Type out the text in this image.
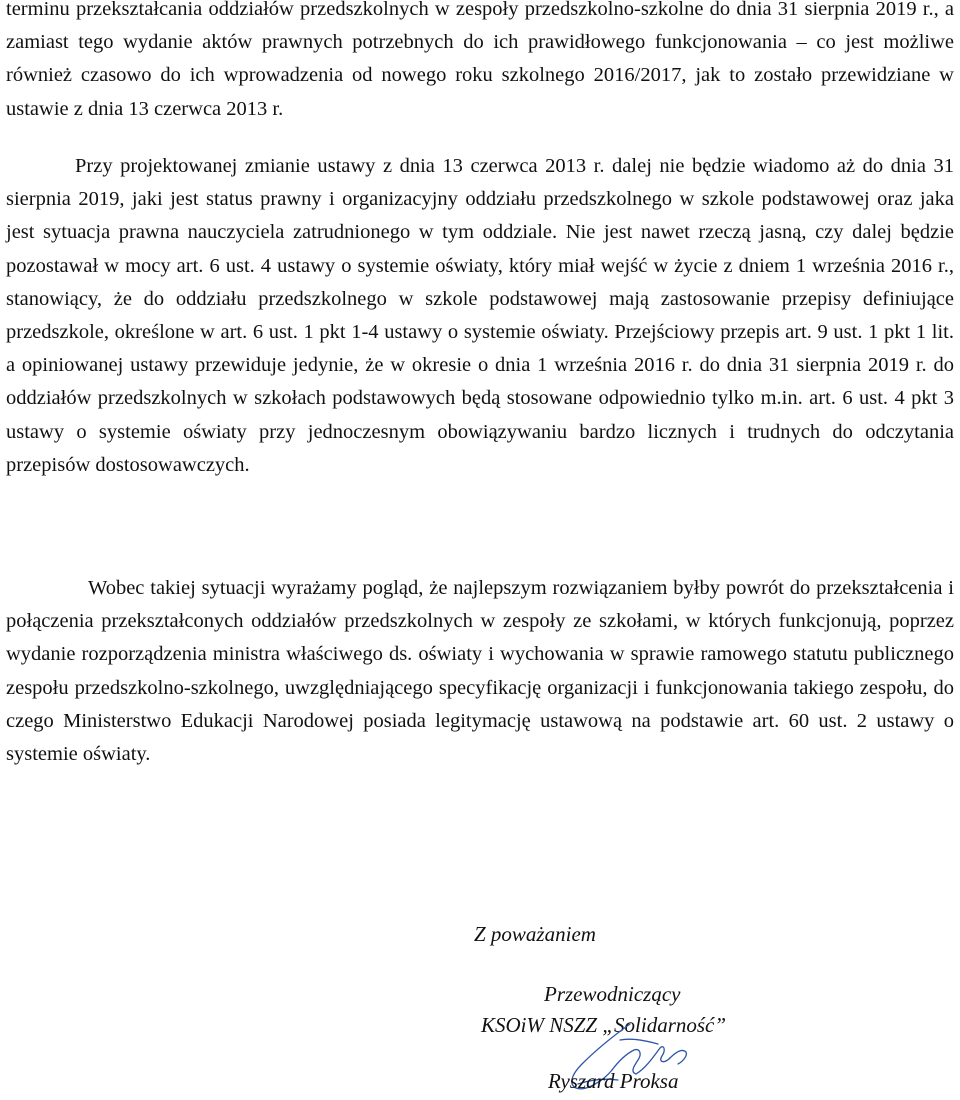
terminu przekształcania oddziałów przedszkolnych w zespoły przedszkolno-szkolne do dnia 31 sierpnia 2019 r., a zamiast tego wydanie aktów prawnych potrzebnych do ich prawidłowego funkcjonowania – co jest możliwe również czasowo do ich wprowadzenia od nowego roku szkolnego 2016/2017, jak to zostało przewidziane w ustawie z dnia 13 czerwca 2013 r.

Przy projektowanej zmianie ustawy z dnia 13 czerwca 2013 r. dalej nie będzie wiadomo aż do dnia 31 sierpnia 2019, jaki jest status prawny i organizacyjny oddziału przedszkolnego w szkole podstawowej oraz jaka jest sytuacja prawna nauczyciela zatrudnionego w tym oddziale. Nie jest nawet rzeczą jasną, czy dalej będzie pozostawał w mocy art. 6 ust. 4 ustawy o systemie oświaty, który miał wejść w życie z dniem 1 września 2016 r., stanowiący, że do oddziału przedszkolnego w szkole podstawowej mają zastosowanie przepisy definiujące przedszkole, określone w art. 6 ust. 1 pkt 1-4 ustawy o systemie oświaty. Przejściowy przepis art. 9 ust. 1 pkt 1 lit. a opiniowanej ustawy przewiduje jedynie, że w okresie o dnia 1 września 2016 r. do dnia 31 sierpnia 2019 r. do oddziałów przedszkolnych w szkołach podstawowych będą stosowane odpowiednio tylko m.in. art. 6 ust. 4 pkt 3 ustawy o systemie oświaty przy jednoczesnym obowiązywaniu bardzo licznych i trudnych do odczytania przepisów dostosowawczych.

Wobec takiej sytuacji wyrażamy pogląd, że najlepszym rozwiązaniem byłby powrót do przekształcenia i połączenia przekształconych oddziałów przedszkolnych w zespoły ze szkołami, w których funkcjonują, poprzez wydanie rozporządzenia ministra właściwego ds. oświaty i wychowania w sprawie ramowego statutu publicznego zespołu przedszkolno-szkolnego, uwzględniającego specyfikację organizacji i funkcjonowania takiego zespołu, do czego Ministerstwo Edukacji Narodowej posiada legitymację ustawową na podstawie art. 60 ust. 2 ustawy o systemie oświaty.

Z poważaniem

Przewodniczący

KSOiW NSZZ „Solidarność”

Ryszard Proksa
